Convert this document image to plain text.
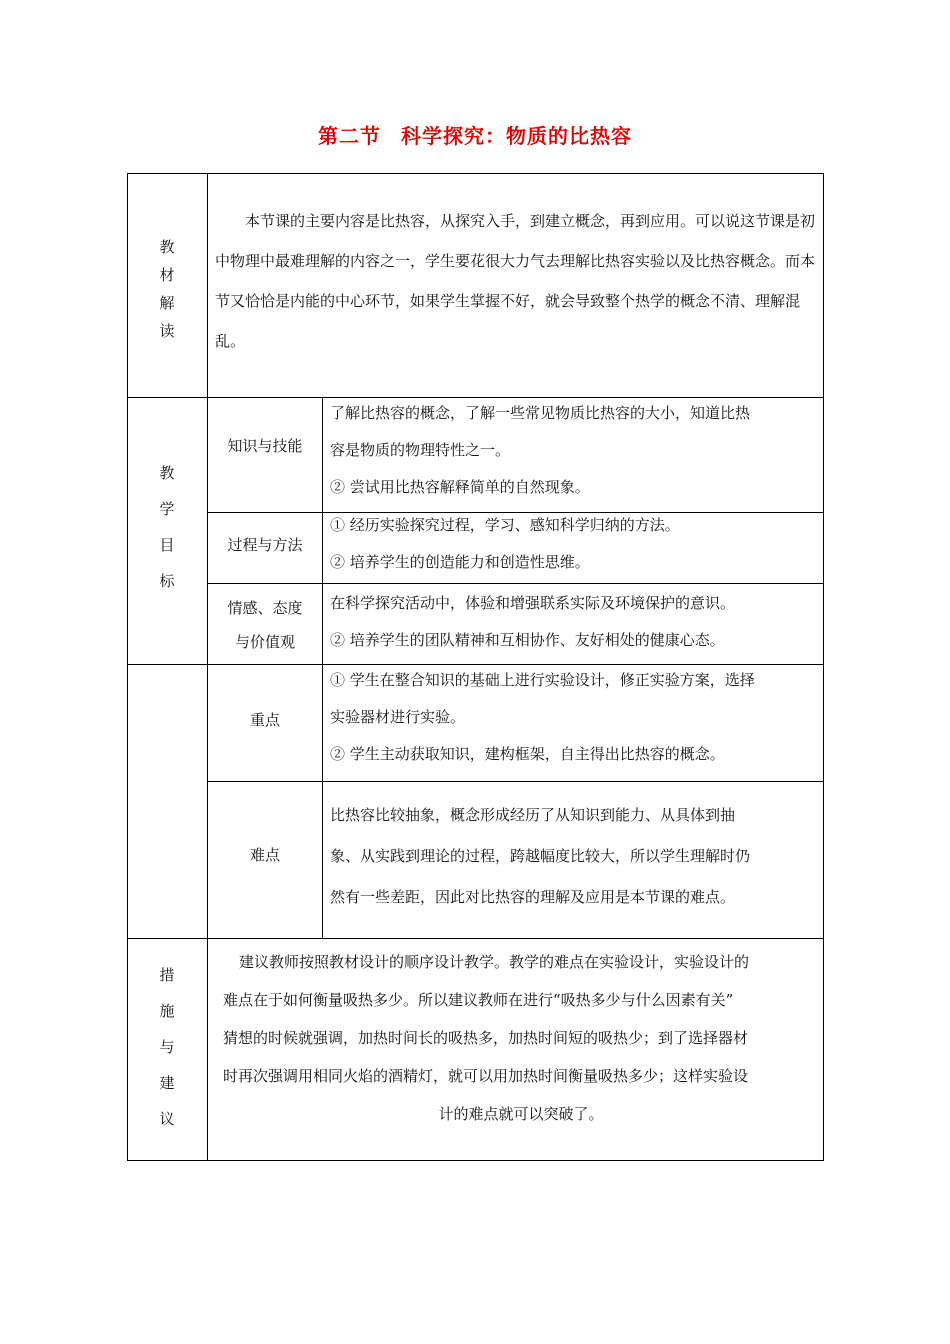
第二节 科学探究：物质的比热容
教
材
解
读
本节课的主要内容是比热容，从探究入手，到建立概念，再到应用。可以说这节课是初中物理中最难理解的内容之一，学生要花很大力气去理解比热容实验以及比热容概念。而本节又恰恰是内能的中心环节，如果学生掌握不好，就会导致整个热学的概念不清、理解混乱。
教
学
目
标
知识与技能
了解比热容的概念，了解一些常见物质比热容的大小，知道比热
容是物质的物理特性之一。
② 尝试用比热容解释简单的自然现象。
过程与方法
① 经历实验探究过程，学习、感知科学归纳的方法。
② 培养学生的创造能力和创造性思维。
情感、态度
与价值观
在科学探究活动中，体验和增强联系实际及环境保护的意识。
② 培养学生的团队精神和互相协作、友好相处的健康心态。
重点
① 学生在整合知识的基础上进行实验设计，修正实验方案，选择
实验器材进行实验。
② 学生主动获取知识，建构框架，自主得出比热容的概念。
难点
比热容比较抽象，概念形成经历了从知识到能力、从具体到抽
象、从实践到理论的过程，跨越幅度比较大，所以学生理解时仍
然有一些差距，因此对比热容的理解及应用是本节课的难点。
措
施
与
建
议
建议教师按照教材设计的顺序设计教学。教学的难点在实验设计，实验设计的
难点在于如何衡量吸热多少。所以建议教师在进行“吸热多少与什么因素有关”
猜想的时候就强调，加热时间长的吸热多，加热时间短的吸热少；到了选择器材
时再次强调用相同火焰的酒精灯，就可以用加热时间衡量吸热多少；这样实验设
计的难点就可以突破了。
